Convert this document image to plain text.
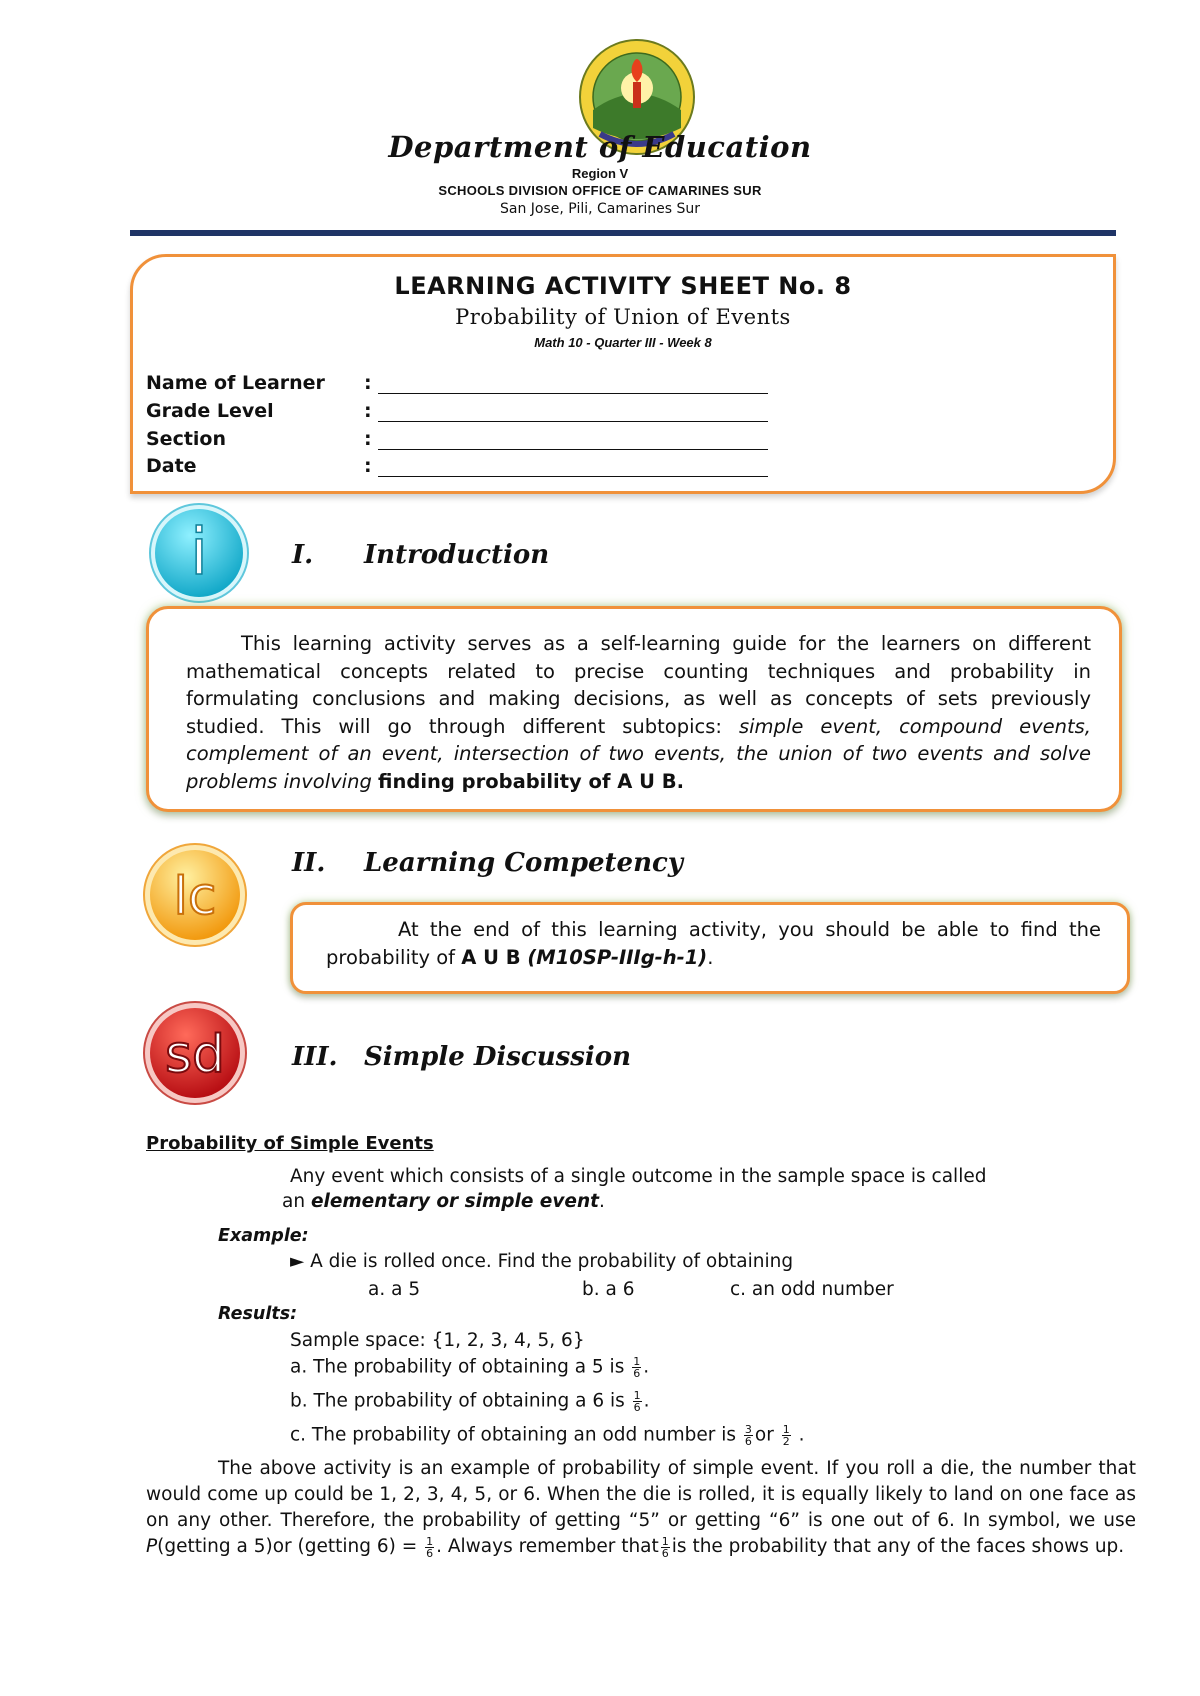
Department of Education
Region V
SCHOOLS DIVISION OFFICE OF CAMARINES SUR
San Jose, Pili, Camarines Sur
LEARNING ACTIVITY SHEET No. 8
Probability of Union of Events
Math 10 - Quarter III - Week 8
Name of Learner :
Grade Level	:
Section	:
Date	:
i	I. Introduction
This learning activity serves as a self-learning guide for the learners on different mathematical concepts related to precise counting techniques and probability in formulating conclusions and making decisions, as well as concepts of sets previously studied. This will go through different subtopics: simple event, compound events, complement of an event, intersection of two events, the union of two events and solve problems involving finding probability of A U B.
lc
II. Learning Competency
At the end of this learning activity, you should be able to find the probability of A U B (M10SP-IIIg-h-1).
sd	III. Simple Discussion
Probability of Simple Events
Any event which consists of a single outcome in the sample space is called
an elementary or simple event.
Example:
► A die is rolled once. Find the probability of obtaining
a. a 5	b. a 6	c. an odd number
Results:
Sample space: {1, 2, 3, 4, 5, 6}
a. The probability of obtaining a 5 is $\frac{1}{6}$ .
b. The probability of obtaining a 6 is $\frac{1}{6}$ .
c. The probability of obtaining an odd number is $\frac{3}{6}$ or $\frac{1}{2}$ .
The above activity is an example of probability of simple event. If you roll a die, the number that would come up could be 1, 2, 3, 4, 5, or 6. When the die is rolled, it is equally likely to land on one face as on any other. Therefore, the probability of getting “5” or getting “6” is one out of 6. In symbol, we use P(getting a 5)or (getting $6) = \frac{1}{6}$ . Always remember that $\frac{1}{6}$ is the probability that any of the faces shows up.
